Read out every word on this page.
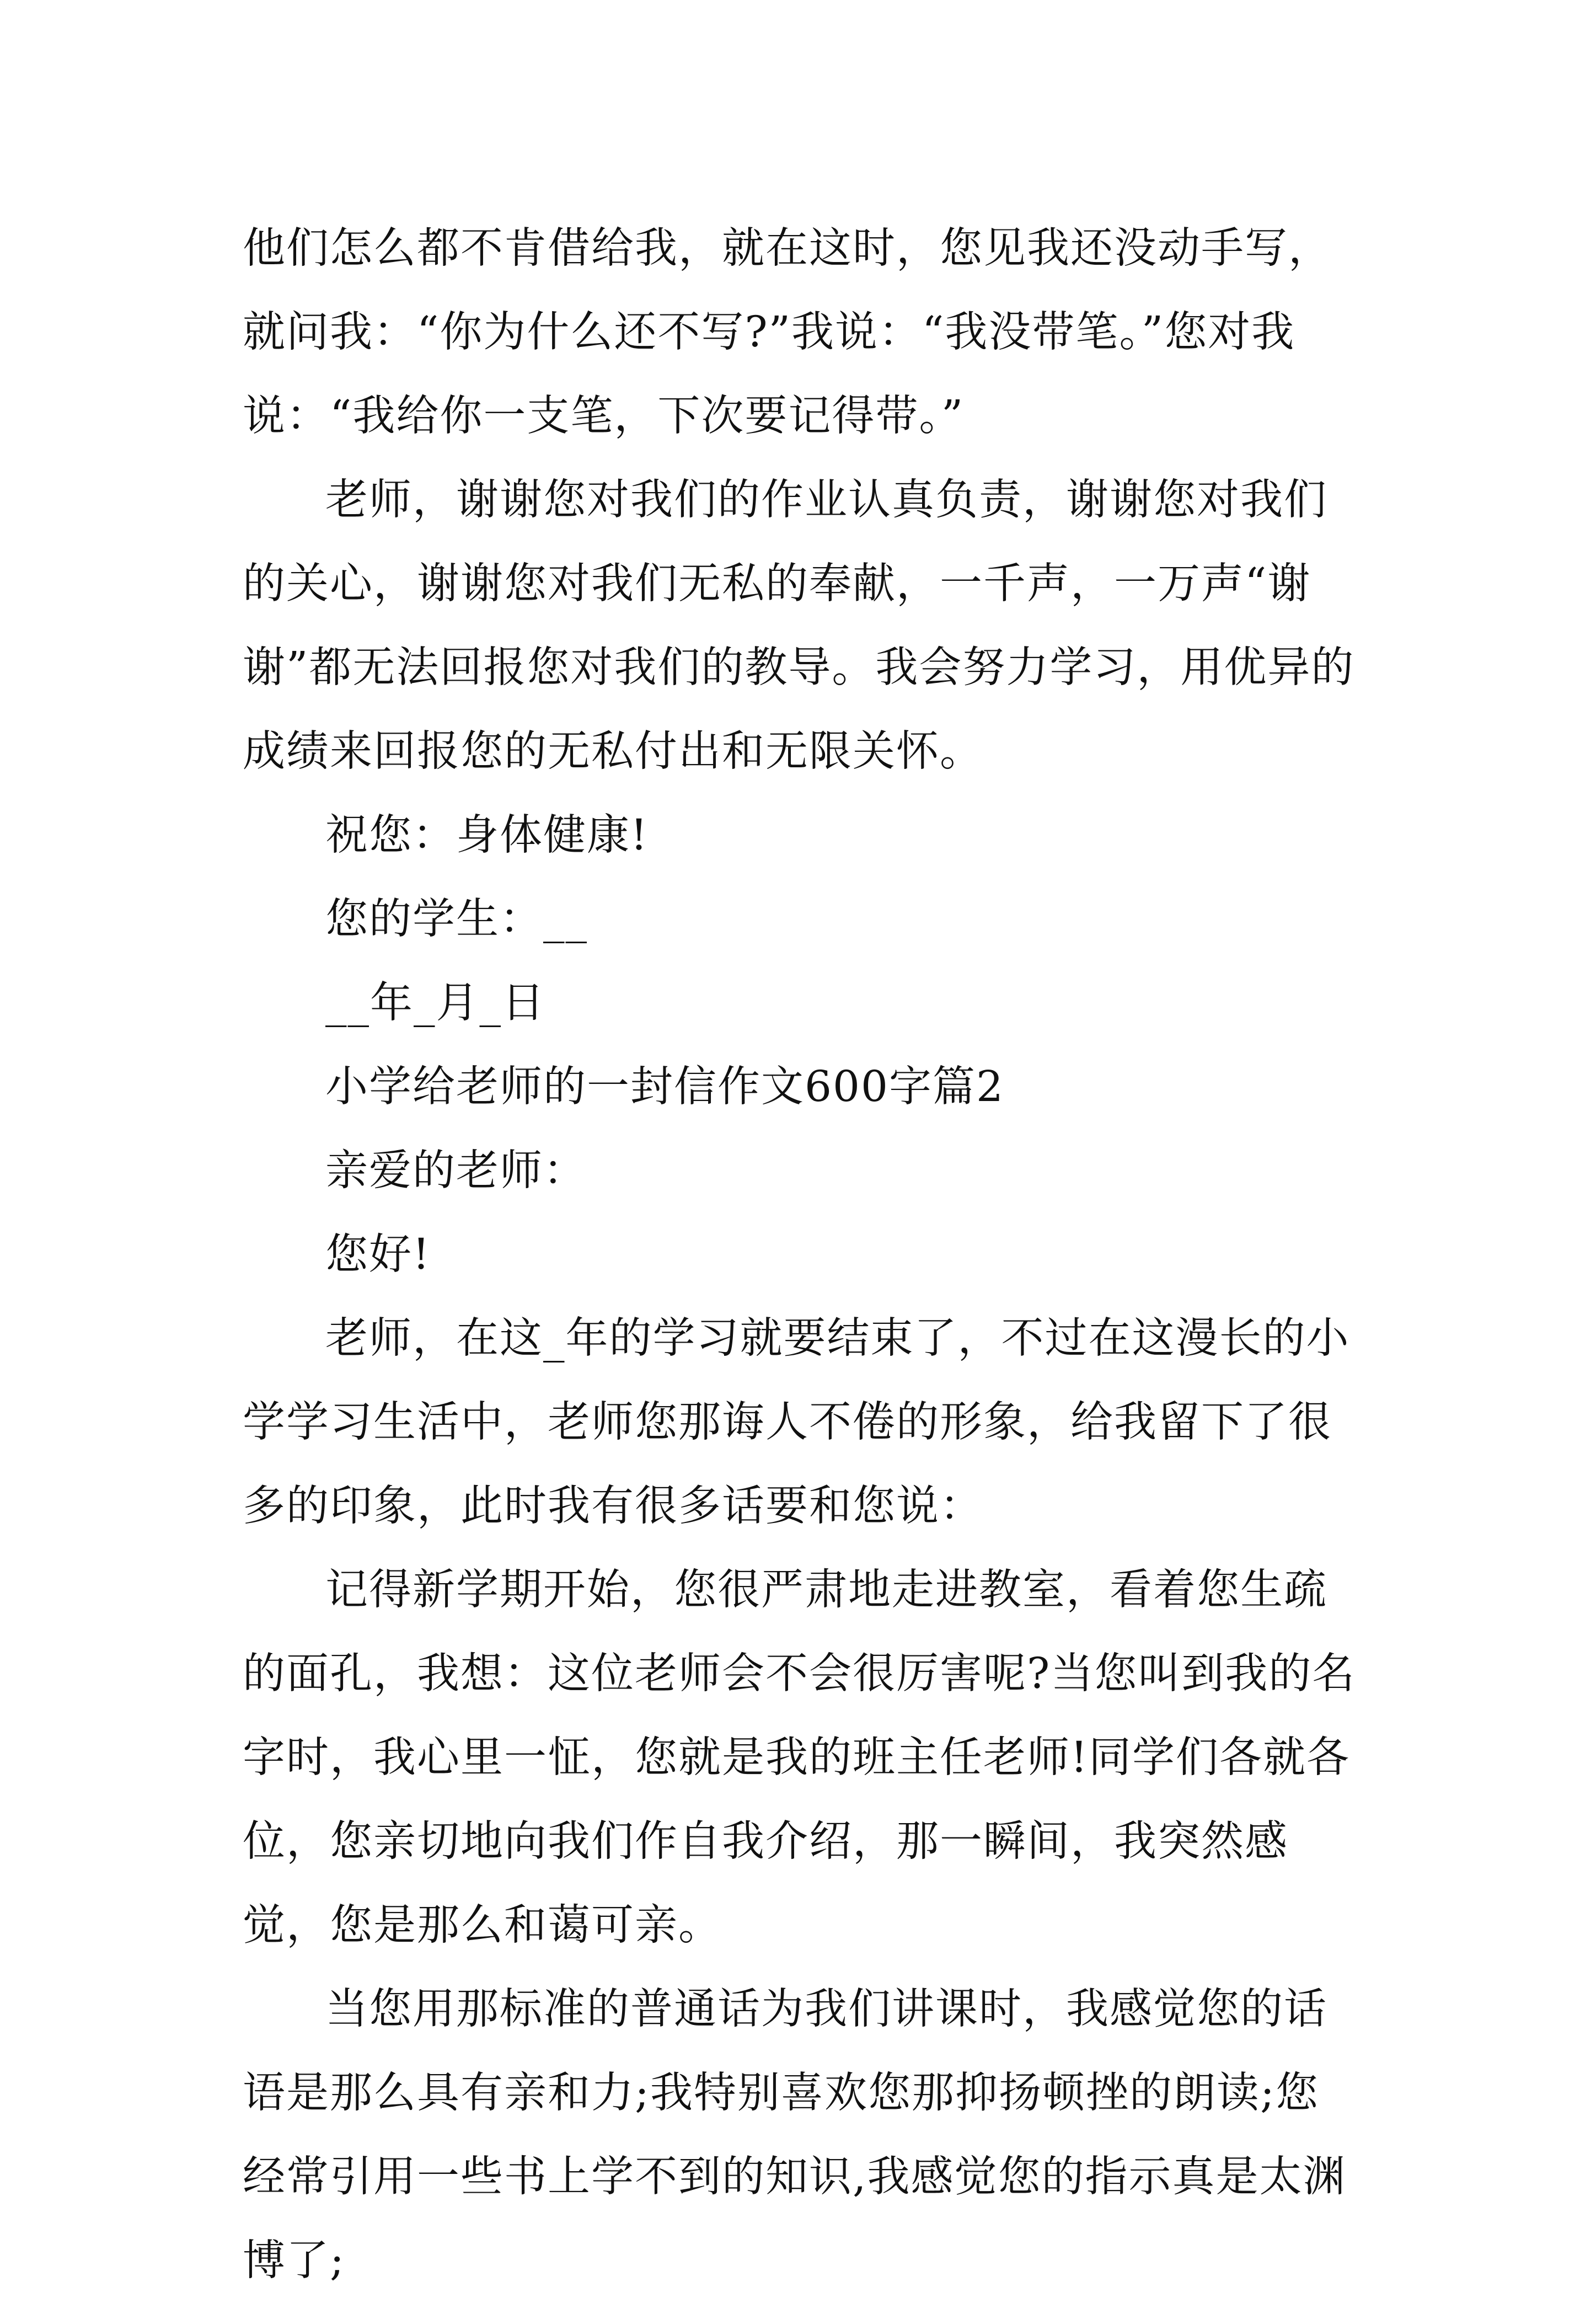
他们怎么都不肯借给我，就在这时，您见我还没动手写，就问我：“你为什么还不写?”我说：“我没带笔。”您对我说：“我给你一支笔，下次要记得带。”

老师，谢谢您对我们的作业认真负责，谢谢您对我们的关心，谢谢您对我们无私的奉献，一千声，一万声“谢谢”都无法回报您对我们的教导。我会努力学习，用优异的成绩来回报您的无私付出和无限关怀。

祝您：身体健康!

您的学生：__

__年_月_日

小学给老师的一封信作文600字篇2

亲爱的老师：

您好!

老师，在这_年的学习就要结束了，不过在这漫长的小学学习生活中，老师您那诲人不倦的形象，给我留下了很多的印象，此时我有很多话要和您说：

记得新学期开始，您很严肃地走进教室，看着您生疏的面孔，我想：这位老师会不会很厉害呢?当您叫到我的名字时，我心里一怔，您就是我的班主任老师!同学们各就各位，您亲切地向我们作自我介绍，那一瞬间，我突然感觉，您是那么和蔼可亲。

当您用那标准的普通话为我们讲课时，我感觉您的话语是那么具有亲和力;我特别喜欢您那抑扬顿挫的朗读;您经常引用一些书上学不到的知识,我感觉您的指示真是太渊博了;
